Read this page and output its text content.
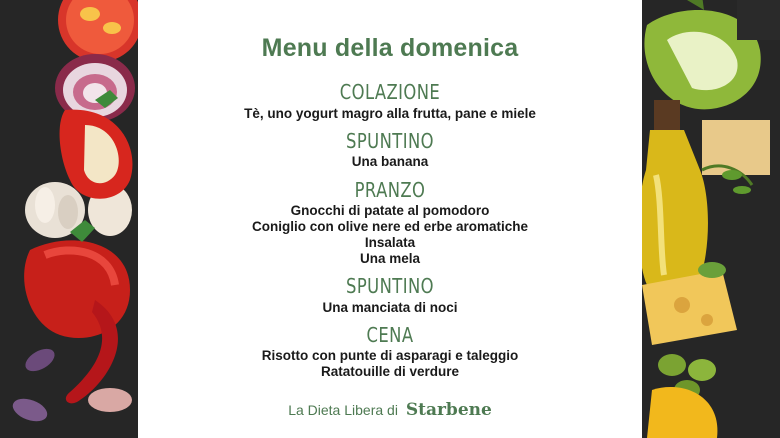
Menu della domenica
COLAZIONE
Tè, uno yogurt magro alla frutta, pane e miele
SPUNTINO
Una banana
PRANZO
Gnocchi di patate al pomodoro
Coniglio con olive nere ed erbe aromatiche
Insalata
Una mela
SPUNTINO
Una manciata di noci
CENA
Risotto con punte di asparagi e taleggio
Ratatouille di verdure
La Dieta Libera di Starbene
